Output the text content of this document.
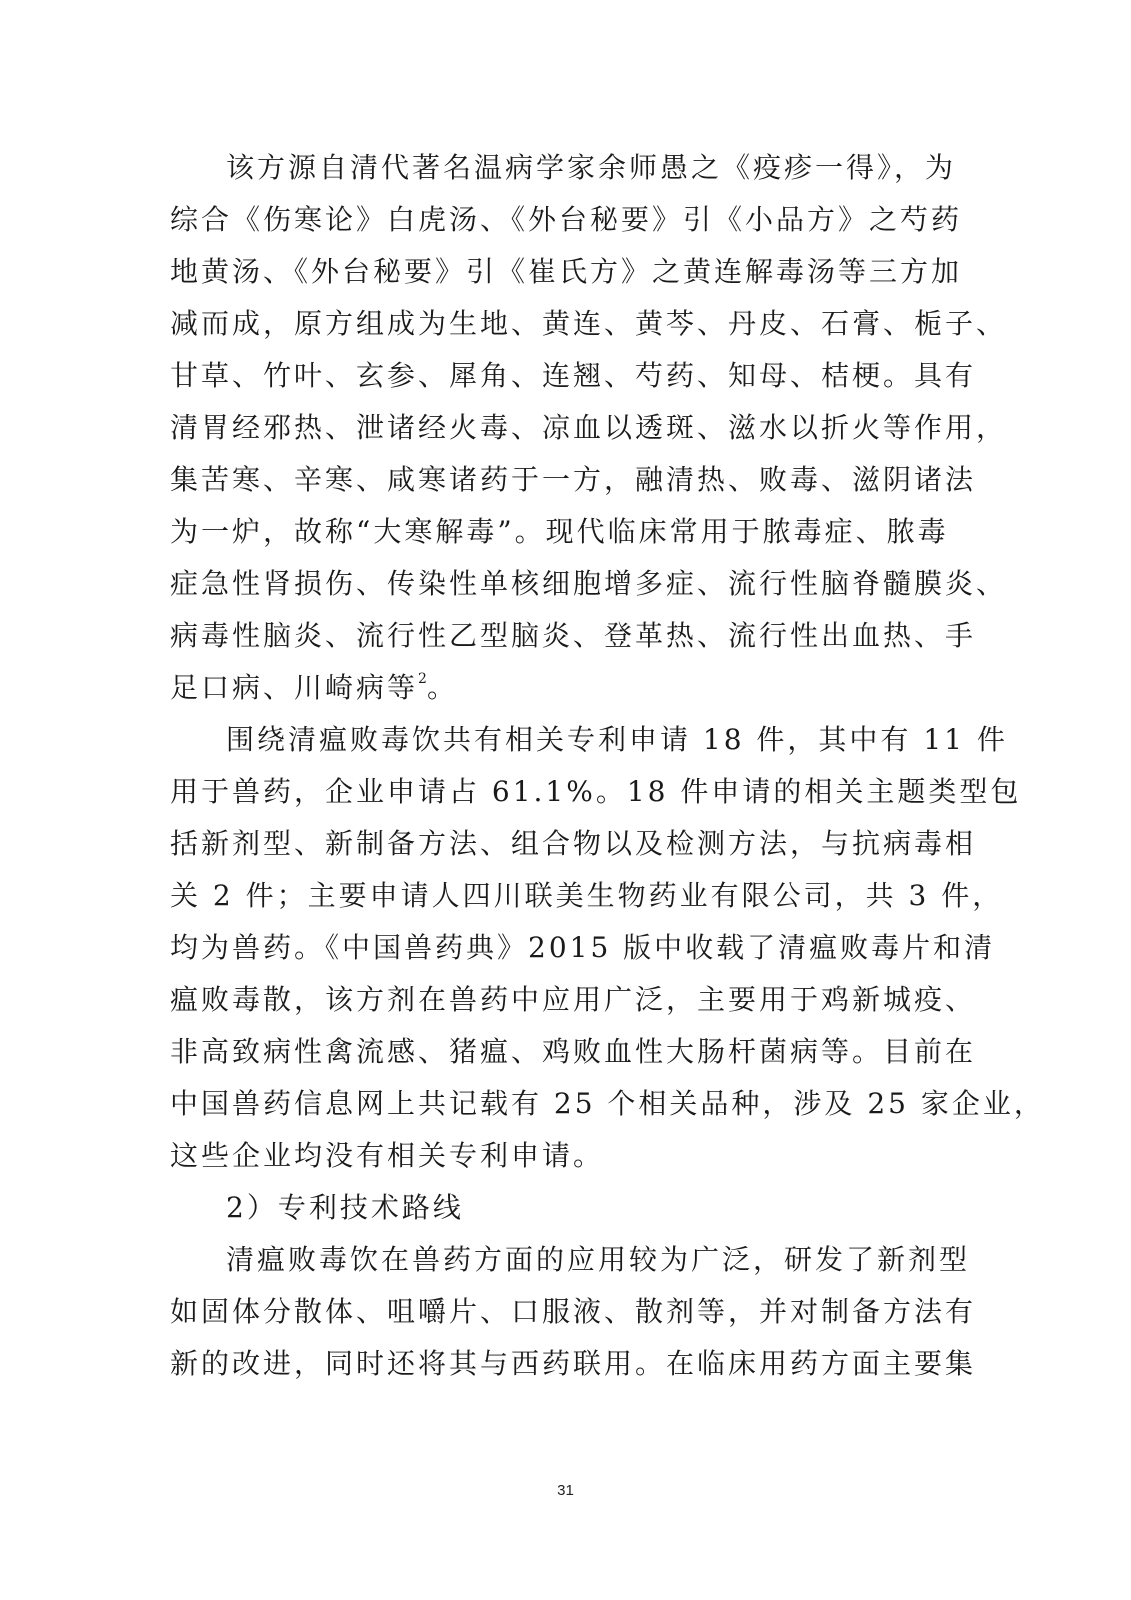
该方源自清代著名温病学家余师愚之《疫疹一得》，为
综合《伤寒论》白虎汤、《外台秘要》引《小品方》之芍药
地黄汤、《外台秘要》引《崔氏方》之黄连解毒汤等三方加
减而成，原方组成为生地、黄连、黄芩、丹皮、石膏、栀子、
甘草、竹叶、玄参、犀角、连翘、芍药、知母、桔梗。具有
清胃经邪热、泄诸经火毒、凉血以透斑、滋水以折火等作用，
集苦寒、辛寒、咸寒诸药于一方，融清热、败毒、滋阴诸法
为一炉，故称“大寒解毒”。现代临床常用于脓毒症、脓毒
症急性肾损伤、传染性单核细胞增多症、流行性脑脊髓膜炎、
病毒性脑炎、流行性乙型脑炎、登革热、流行性出血热、手
足口病、川崎病等$^2$。
围绕清瘟败毒饮共有相关专利申请 18 件，其中有 11 件
用于兽药，企业申请占 61.1%。18 件申请的相关主题类型包
括新剂型、新制备方法、组合物以及检测方法，与抗病毒相
关 2 件；主要申请人四川联美生物药业有限公司，共 3 件，
均为兽药。《中国兽药典》2015 版中收载了清瘟败毒片和清
瘟败毒散，该方剂在兽药中应用广泛，主要用于鸡新城疫、
非高致病性禽流感、猪瘟、鸡败血性大肠杆菌病等。目前在
中国兽药信息网上共记载有 25 个相关品种，涉及 25 家企业，
这些企业均没有相关专利申请。
2）专利技术路线
清瘟败毒饮在兽药方面的应用较为广泛，研发了新剂型
如固体分散体、咀嚼片、口服液、散剂等，并对制备方法有
新的改进，同时还将其与西药联用。在临床用药方面主要集
31
